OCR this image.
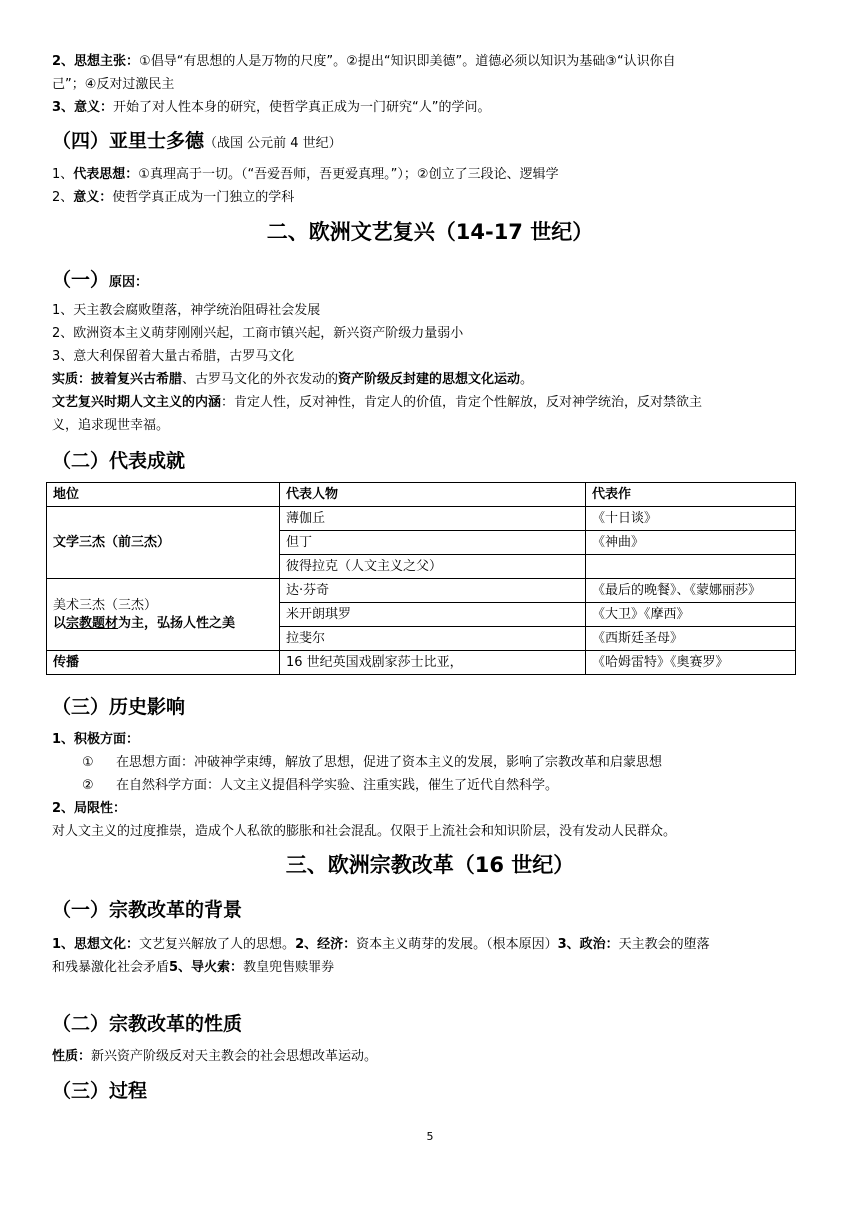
2、思想主张：①倡导“有思想的人是万物的尺度”。②提出“知识即美德”。道德必须以知识为基础③“认识你自
己”；④反对过激民主
3、意义：开始了对人性本身的研究，使哲学真正成为一门研究“人”的学问。
（四）亚里士多德（战国 公元前 4 世纪）
1、代表思想：①真理高于一切。（“吾爱吾师，吾更爱真理。”）；②创立了三段论、逻辑学
2、意义：使哲学真正成为一门独立的学科
二、欧洲文艺复兴（14-17 世纪）
（一）原因：
1、天主教会腐败堕落，神学统治阻碍社会发展
2、欧洲资本主义萌芽刚刚兴起，工商市镇兴起，新兴资产阶级力量弱小
3、意大利保留着大量古希腊，古罗马文化
实质：披着复兴古希腊、古罗马文化的外衣发动的资产阶级反封建的思想文化运动。
文艺复兴时期人文主义的内涵：肯定人性，反对神性，肯定人的价值，肯定个性解放，反对神学统治，反对禁欲主
义，追求现世幸福。
（二）代表成就
地位	代表人物	代表作
文学三杰（前三杰）	薄伽丘	《十日谈》
	但丁	《神曲》
	彼得拉克（人文主义之父）	

美术三杰（三杰）
以宗教题材为主，弘扬人性之美	达·芬奇	《最后的晚餐》、《蒙娜丽莎》
	米开朗琪罗	《大卫》《摩西》
	拉斐尔	《西斯廷圣母》
传播	16 世纪英国戏剧家莎士比亚，	《哈姆雷特》《奥赛罗》
（三）历史影响
1、积极方面：
① 在思想方面：冲破神学束缚，解放了思想，促进了资本主义的发展，影响了宗教改革和启蒙思想
② 在自然科学方面：人文主义提倡科学实验、注重实践，催生了近代自然科学。
2、局限性：
对人文主义的过度推崇，造成个人私欲的膨胀和社会混乱。仅限于上流社会和知识阶层，没有发动人民群众。
三、欧洲宗教改革（16 世纪）
（一）宗教改革的背景
1、思想文化：文艺复兴解放了人的思想。2、经济：资本主义萌芽的发展。（根本原因）3、政治：天主教会的堕落
和残暴激化社会矛盾5、导火索：教皇兜售赎罪券
（二）宗教改革的性质
性质：新兴资产阶级反对天主教会的社会思想改革运动。
（三）过程
5
